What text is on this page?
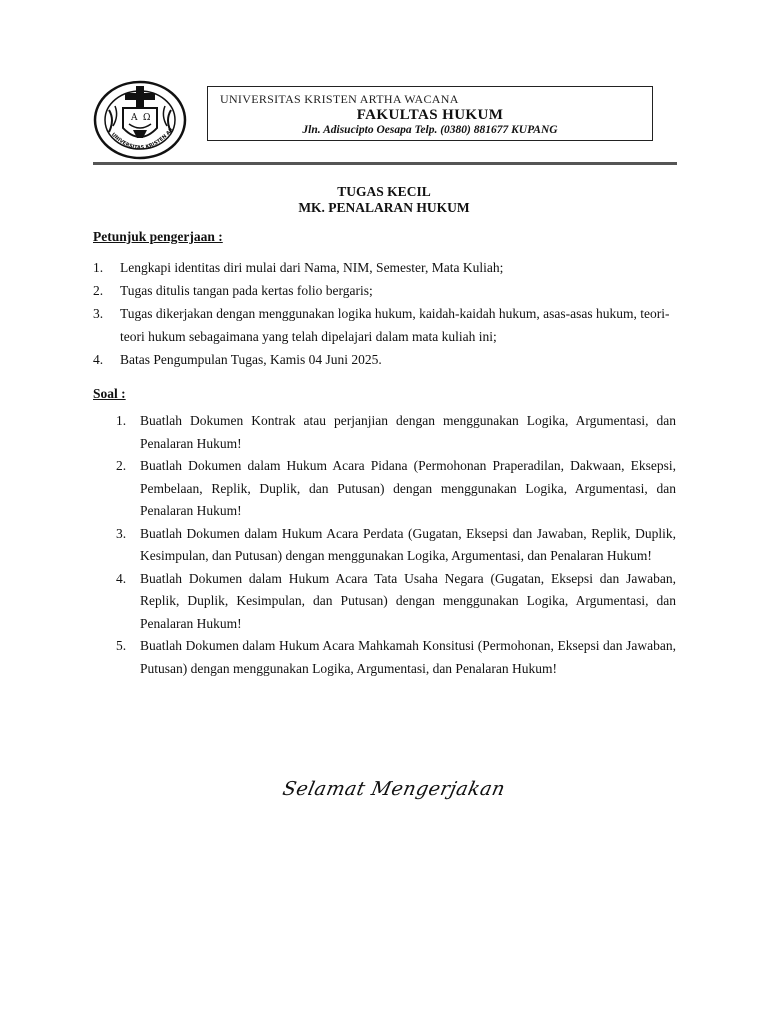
A Ω
UNIVERSITAS KRISTEN AR
UNIVERSITAS KRISTEN ARTHA WACANA
FAKULTAS HUKUM
Jln. Adisucipto Oesapa Telp. (0380) 881677 KUPANG
TUGAS KECIL
MK. PENALARAN HUKUM
Petunjuk pengerjaan :
1. Lengkapi identitas diri mulai dari Nama, NIM, Semester, Mata Kuliah;
2. Tugas ditulis tangan pada kertas folio bergaris;
3. Tugas dikerjakan dengan menggunakan logika hukum, kaidah-kaidah hukum, asas-asas hukum, teori-teori hukum sebagaimana yang telah dipelajari dalam mata kuliah ini;
4. Batas Pengumpulan Tugas, Kamis 04 Juni 2025.
Soal :
1. Buatlah Dokumen Kontrak atau perjanjian dengan menggunakan Logika, Argumentasi, dan Penalaran Hukum!
2. Buatlah Dokumen dalam Hukum Acara Pidana (Permohonan Praperadilan, Dakwaan, Eksepsi, Pembelaan, Replik, Duplik, dan Putusan) dengan menggunakan Logika, Argumentasi, dan Penalaran Hukum!
3. Buatlah Dokumen dalam Hukum Acara Perdata (Gugatan, Eksepsi dan Jawaban, Replik, Duplik, Kesimpulan, dan Putusan) dengan menggunakan Logika, Argumentasi, dan Penalaran Hukum!
4. Buatlah Dokumen dalam Hukum Acara Tata Usaha Negara (Gugatan, Eksepsi dan Jawaban, Replik, Duplik, Kesimpulan, dan Putusan) dengan menggunakan Logika, Argumentasi, dan Penalaran Hukum!
5. Buatlah Dokumen dalam Hukum Acara Mahkamah Konsitusi (Permohonan, Eksepsi dan Jawaban, Putusan) dengan menggunakan Logika, Argumentasi, dan Penalaran Hukum!
Selamat Mengerjakan
